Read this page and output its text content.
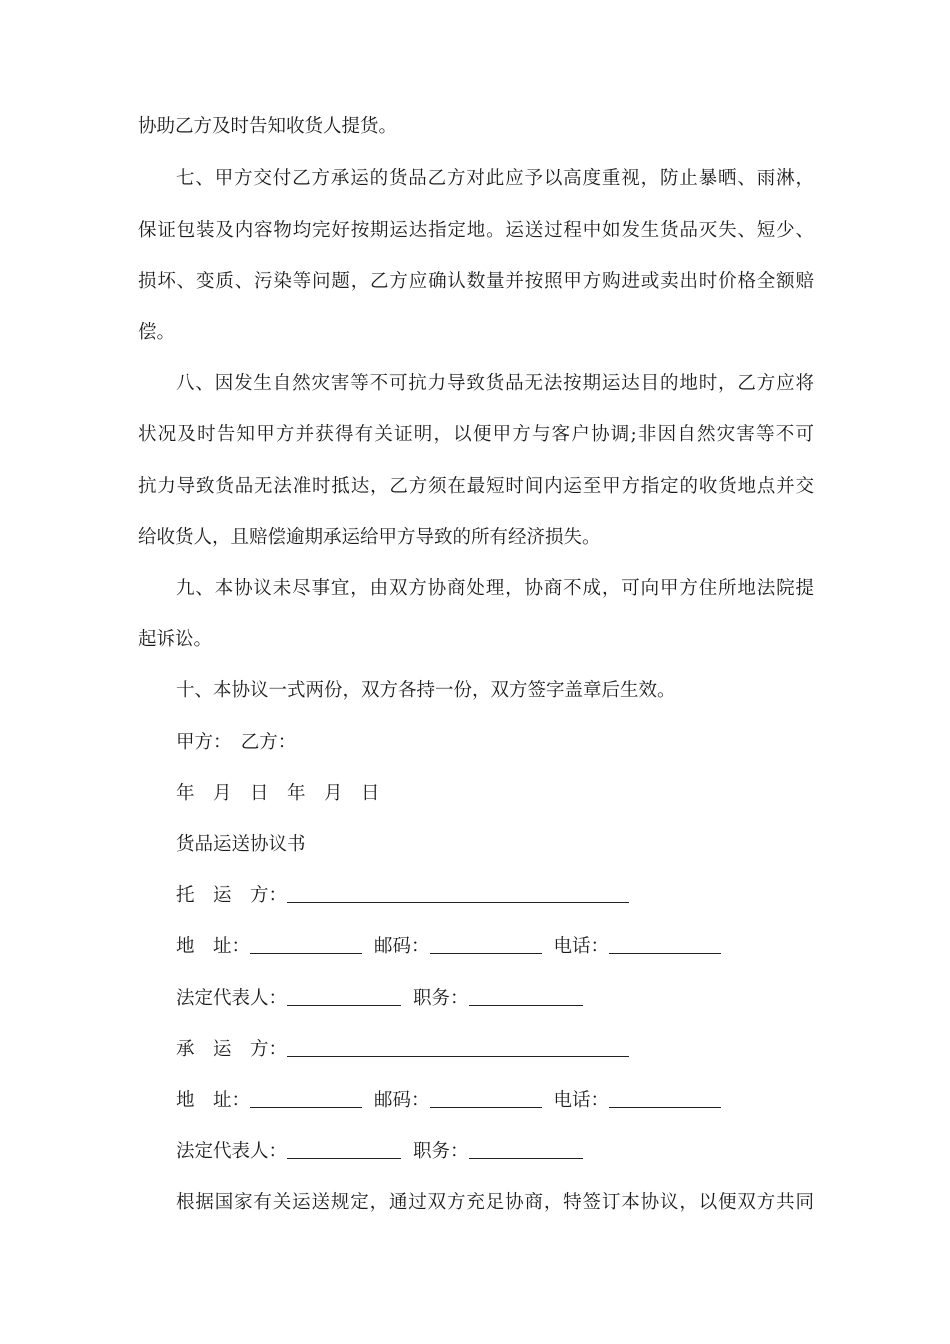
协助乙方及时告知收货人提货。
七、甲方交付乙方承运的货品乙方对此应予以高度重视，防止暴晒、雨淋，
保证包装及内容物均完好按期运达指定地。运送过程中如发生货品灭失、短少、
损坏、变质、污染等问题，乙方应确认数量并按照甲方购进或卖出时价格全额赔
偿。
八、因发生自然灾害等不可抗力导致货品无法按期运达目的地时，乙方应将
状况及时告知甲方并获得有关证明，以便甲方与客户协调;非因自然灾害等不可
抗力导致货品无法准时抵达，乙方须在最短时间内运至甲方指定的收货地点并交
给收货人，且赔偿逾期承运给甲方导致的所有经济损失。
九、本协议未尽事宜，由双方协商处理，协商不成，可向甲方住所地法院提
起诉讼。
十、本协议一式两份，双方各持一份，双方签字盖章后生效。
甲方：　乙方：
年　月　日　年　月　日
货品运送协议书
托　运　方：
地　址：	邮码：	电话：
法定代表人：	职务：
承　运　方：
地　址：	邮码：	电话：
法定代表人：	职务：
根据国家有关运送规定，通过双方充足协商，特签订本协议，以便双方共同
